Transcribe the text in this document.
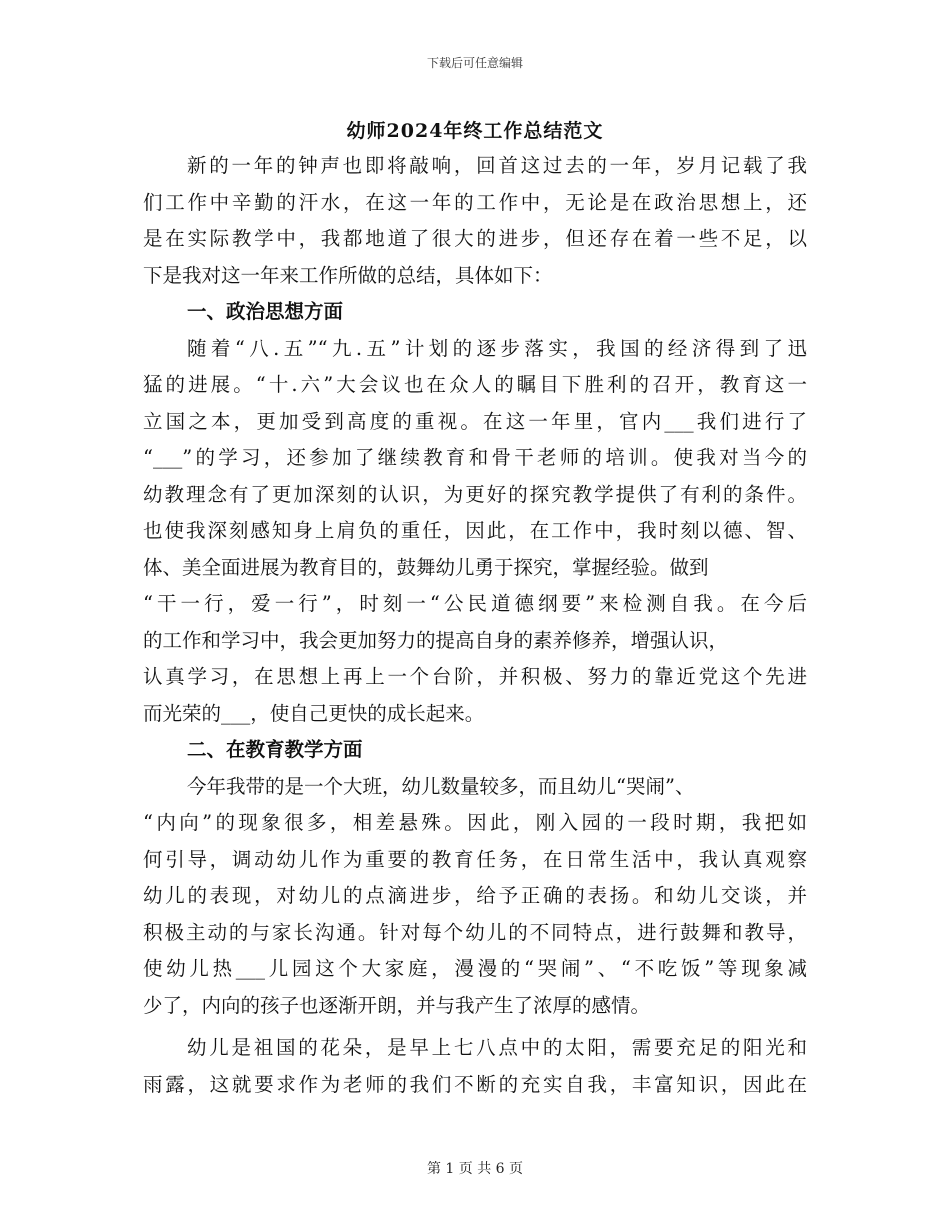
下载后可任意编辑
幼师2024年终工作总结范文
新的一年的钟声也即将敲响，回首这过去的一年，岁月记载了我
们工作中辛勤的汗水，在这一年的工作中，无论是在政治思想上，还
是在实际教学中，我都地道了很大的进步，但还存在着一些不足，以
下是我对这一年来工作所做的总结，具体如下：
一、政治思想方面
随着“八.五”“九.五”计划的逐步落实，我国的经济得到了迅
猛的进展。“十.六”大会议也在众人的瞩目下胜利的召开，教育这一
立国之本，更加受到高度的重视。在这一年里，官内___我们进行了
“___”的学习，还参加了继续教育和骨干老师的培训。使我对当今的
幼教理念有了更加深刻的认识，为更好的探究教学提供了有利的条件。
也使我深刻感知身上肩负的重任，因此，在工作中，我时刻以德、智、
体、美全面进展为教育目的，鼓舞幼儿勇于探究，掌握经验。做到
“干一行，爱一行”，时刻一“公民道德纲要”来检测自我。在今后
的工作和学习中，我会更加努力的提高自身的素养修养，增强认识，
认真学习，在思想上再上一个台阶，并积极、努力的靠近党这个先进
而光荣的___，使自己更快的成长起来。
二、在教育教学方面
今年我带的是一个大班，幼儿数量较多，而且幼儿“哭闹”、
“内向”的现象很多，相差悬殊。因此，刚入园的一段时期，我把如
何引导，调动幼儿作为重要的教育任务，在日常生活中，我认真观察
幼儿的表现，对幼儿的点滴进步，给予正确的表扬。和幼儿交谈，并
积极主动的与家长沟通。针对每个幼儿的不同特点，进行鼓舞和教导，
使幼儿热___儿园这个大家庭，漫漫的“哭闹”、“不吃饭”等现象减
少了，内向的孩子也逐渐开朗，并与我产生了浓厚的感情。
幼儿是祖国的花朵，是早上七八点中的太阳，需要充足的阳光和
雨露，这就要求作为老师的我们不断的充实自我，丰富知识，因此在
第 1 页 共 6 页
